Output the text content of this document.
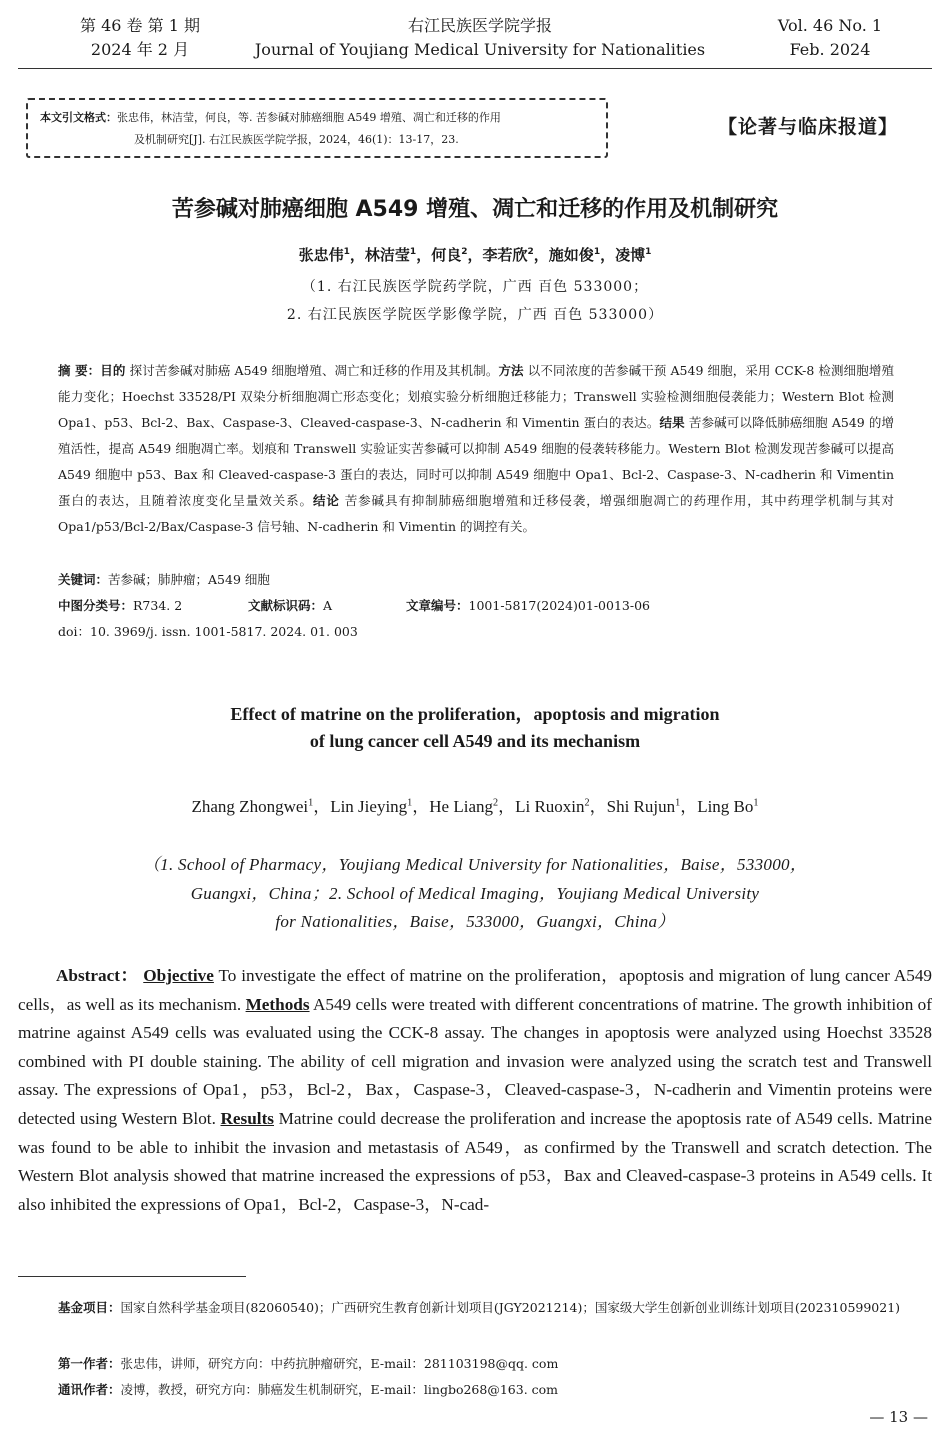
第 46 卷 第 1 期
2024 年 2 月
右江民族医学院学报
Journal of Youjiang Medical University for Nationalities
Vol. 46 No. 1
Feb. 2024
本文引文格式：张忠伟，林洁莹，何良，等. 苦参碱对肺癌细胞 A549 增殖、凋亡和迁移的作用
及机制研究[J]. 右江民族医学院学报，2024，46(1)：13-17，23.
【论著与临床报道】
苦参碱对肺癌细胞 A549 增殖、凋亡和迁移的作用及机制研究
张忠伟$^1$，林洁莹$^1$，何良$^2$，李若欣$^2$，施如俊$^1$，凌博$^1$
（1. 右江民族医学院药学院，广西 百色 533000；
2. 右江民族医学院医学影像学院，广西 百色 533000）

摘 要：目的 探讨苦参碱对肺癌 A549 细胞增殖、凋亡和迁移的作用及其机制。方法 以不同浓度的苦参碱干预 A549 细胞，采用 CCK-8 检测细胞增殖能力变化；Hoechst 33528/PI 双染分析细胞凋亡形态变化；划痕实验分析细胞迁移能力；Transwell 实验检测细胞侵袭能力；Western Blot 检测 Opa1、p53、Bcl-2、Bax、Caspase-3、Cleaved-caspase-3、N-cadherin 和 Vimentin 蛋白的表达。结果 苦参碱可以降低肺癌细胞 A549 的增殖活性，提高 A549 细胞凋亡率。划痕和 Transwell 实验证实苦参碱可以抑制 A549 细胞的侵袭转移能力。Western Blot 检测发现苦参碱可以提高 A549 细胞中 p53、Bax 和 Cleaved-caspase-3 蛋白的表达，同时可以抑制 A549 细胞中 Opa1、Bcl-2、Caspase-3、N-cadherin 和 Vimentin 蛋白的表达，且随着浓度变化呈量效关系。结论 苦参碱具有抑制肺癌细胞增殖和迁移侵袭，增强细胞凋亡的药理作用，其中药理学机制与其对 Opa1/p53/Bcl-2/Bax/Caspase-3 信号轴、N-cadherin 和 Vimentin 的调控有关。

关键词：苦参碱；肺肿瘤；A549 细胞
中图分类号：R734. 2	文献标识码：A	文章编号：1001-5817(2024)01-0013-06
doi：10. 3969/j. issn. 1001-5817. 2024. 01. 003
Effect of matrine on the proliferation，apoptosis and migration
of lung cancer cell A549 and its mechanism
Zhang Zhongwei$^1$，Lin Jieying$^1$，He Liang$^2$，Li Ruoxin$^2$，Shi Rujun$^1$，Ling Bo$^1$
（1. School of Pharmacy，Youjiang Medical University for Nationalities，Baise，533000，
Guangxi，China；2. School of Medical Imaging，Youjiang Medical University
for Nationalities，Baise，533000，Guangxi，China）

Abstract： Objective To investigate the effect of matrine on the proliferation，apoptosis and migration of lung cancer A549 cells，as well as its mechanism. Methods A549 cells were treated with different concentrations of matrine. The growth inhibition of matrine against A549 cells was evaluated using the CCK-8 assay. The changes in apoptosis were analyzed using Hoechst 33528 combined with PI double staining. The ability of cell migration and invasion were analyzed using the scratch test and Transwell assay. The expressions of Opa1，p53，Bcl-2，Bax，Caspase-3，Cleaved-caspase-3，N-cadherin and Vimentin proteins were detected using Western Blot. Results Matrine could decrease the proliferation and increase the apoptosis rate of A549 cells. Matrine was found to be able to inhibit the invasion and metastasis of A549，as confirmed by the Transwell and scratch detection. The Western Blot analysis showed that matrine increased the expressions of p53，Bax and Cleaved-caspase-3 proteins in A549 cells. It also inhibited the expressions of Opa1，Bcl-2，Caspase-3，N-cad-

基金项目：国家自然科学基金项目(82060540)；广西研究生教育创新计划项目(JGY2021214)；国家级大学生创新创业训练计划项目(202310599021)

第一作者：张忠伟，讲师，研究方向：中药抗肿瘤研究，E-mail：281103198@qq. com

通讯作者：凌博，教授，研究方向：肺癌发生机制研究，E-mail：lingbo268@163. com

— 13 —
